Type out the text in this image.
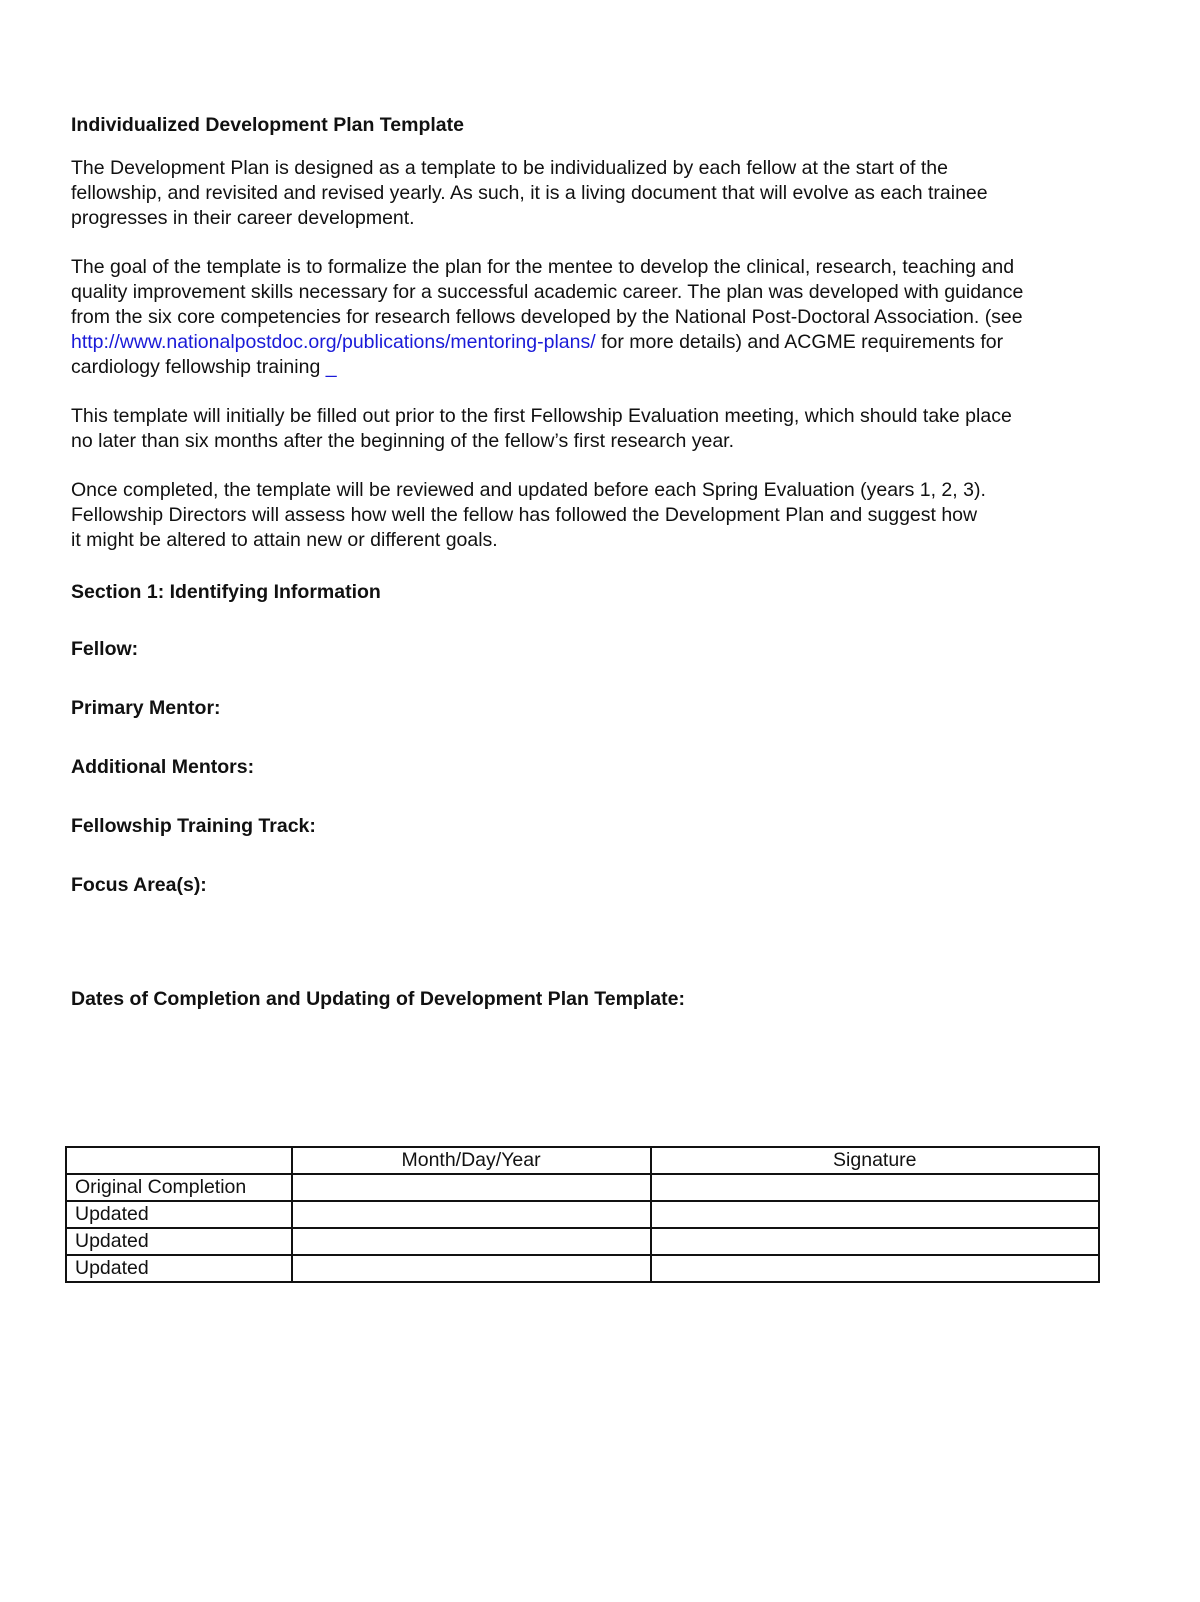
Individualized Development Plan Template
The Development Plan is designed as a template to be individualized by each fellow at the start of the
fellowship, and revisited and revised yearly. As such, it is a living document that will evolve as each trainee
progresses in their career development.
The goal of the template is to formalize the plan for the mentee to develop the clinical, research, teaching and
quality improvement skills necessary for a successful academic career. The plan was developed with guidance
from the six core competencies for research fellows developed by the National Post-Doctoral Association. (see
http://www.nationalpostdoc.org/publications/mentoring-plans/ for more details) and ACGME requirements for
cardiology fellowship training _
This template will initially be filled out prior to the first Fellowship Evaluation meeting, which should take place
no later than six months after the beginning of the fellow’s first research year.
Once completed, the template will be reviewed and updated before each Spring Evaluation (years 1, 2, 3).
Fellowship Directors will assess how well the fellow has followed the Development Plan and suggest how
it might be altered to attain new or different goals.
Section 1: Identifying Information
Fellow:
Primary Mentor:
Additional Mentors:
Fellowship Training Track:
Focus Area(s):
Dates of Completion and Updating of Development Plan Template:
	Month/Day/Year	Signature
Original Completion		
Updated		
Updated		
Updated		
